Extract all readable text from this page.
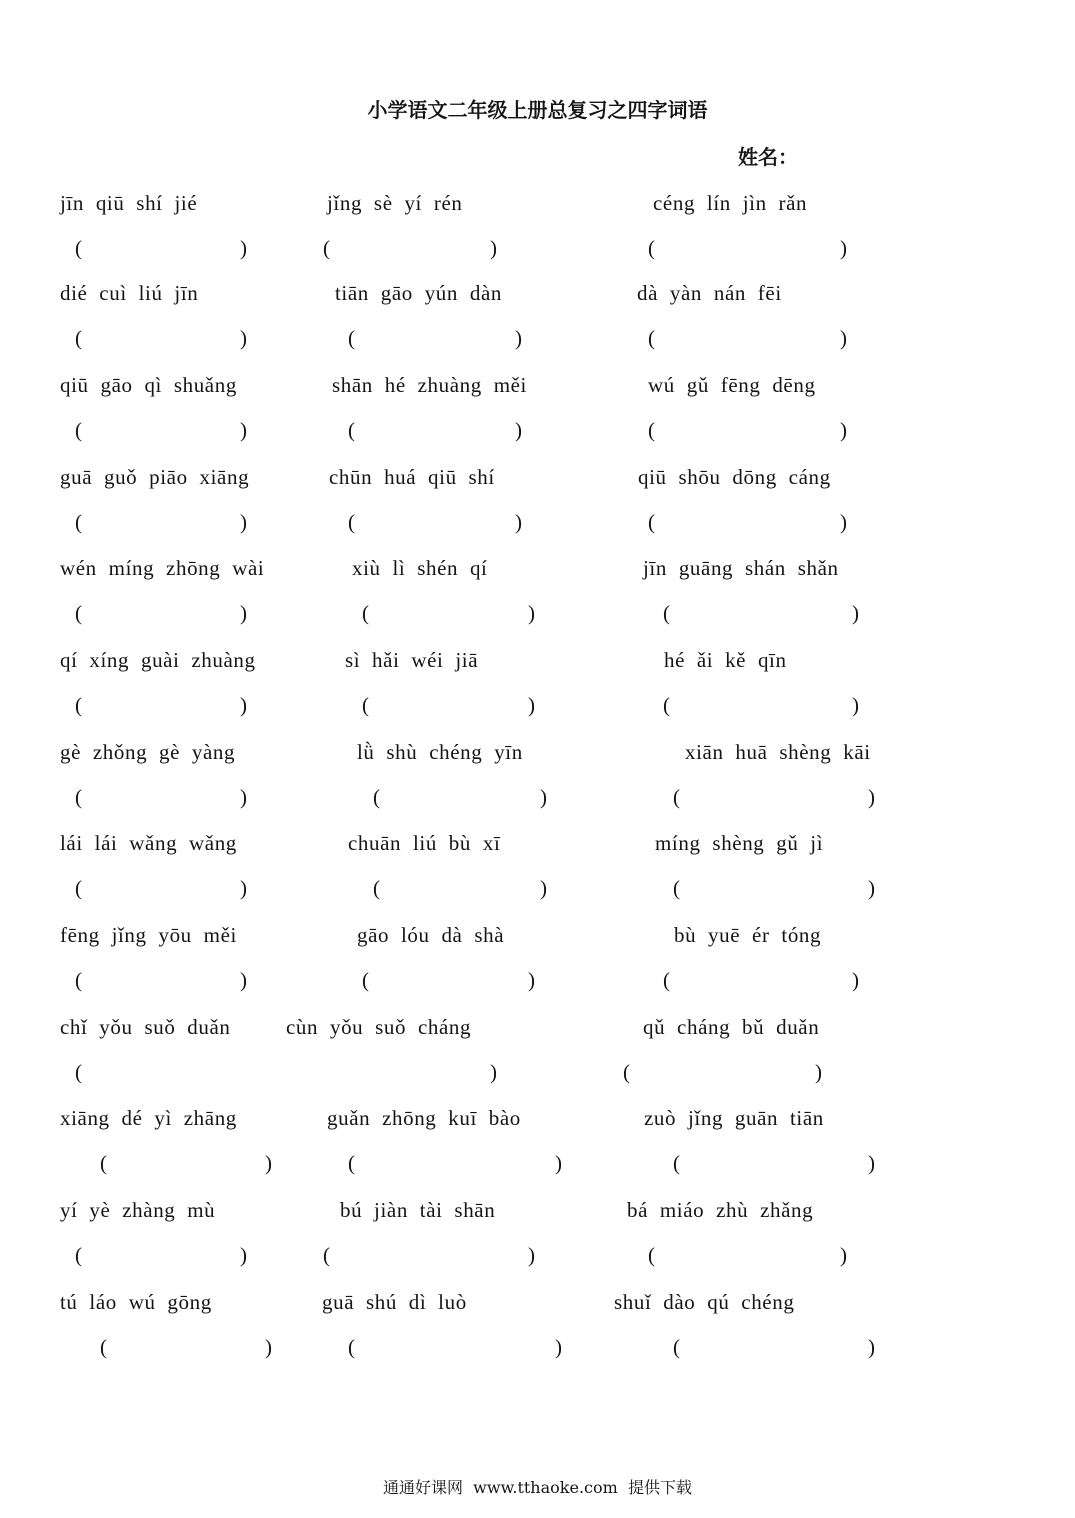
小学语文二年级上册总复习之四字词语
姓名：
jīn qiū shí jié	jǐng sè yí rén	céng lín jìn rǎn
(	)	(	)	(	)
dié cuì liú jīn	tiān gāo yún dàn	dà yàn nán fēi
(	)	(	)	(	)
qiū gāo qì shuǎng	shān hé zhuàng měi	wú gǔ fēng dēng
(	)	(	)	(	)
guā guǒ piāo xiāng	chūn huá qiū shí	qiū shōu dōng cáng
(	)	(	)	(	)
wén míng zhōng wài	xiù lì shén qí	jīn guāng shán shǎn
(	)	(	)	(	)
qí xíng guài zhuàng	sì hǎi wéi jiā	hé ǎi kě qīn
(	)	(	)	(	)
gè zhǒng gè yàng	lǜ shù chéng yīn	xiān huā shèng kāi
(	)	(	)	(	)
lái lái wǎng wǎng	chuān liú bù xī	míng shèng gǔ jì
(	)	(	)	(	)
fēng jǐng yōu měi	gāo lóu dà shà	bù yuē ér tóng
(	)	(	)	(	)
chǐ yǒu suǒ duǎn	cùn yǒu suǒ cháng	qǔ cháng bǔ duǎn
(	)	(	)
xiāng dé yì zhāng	guǎn zhōng kuī bào	zuò jǐng guān tiān
(	)	(	)	(	)
yí yè zhàng mù	bú jiàn tài shān	bá miáo zhù zhǎng
(	)	(	)	(	)
tú láo wú gōng	guā shú dì luò	shuǐ dào qú chéng
(	)	(	)	(	)
通通好课网  www.tthaoke.com  提供下载
